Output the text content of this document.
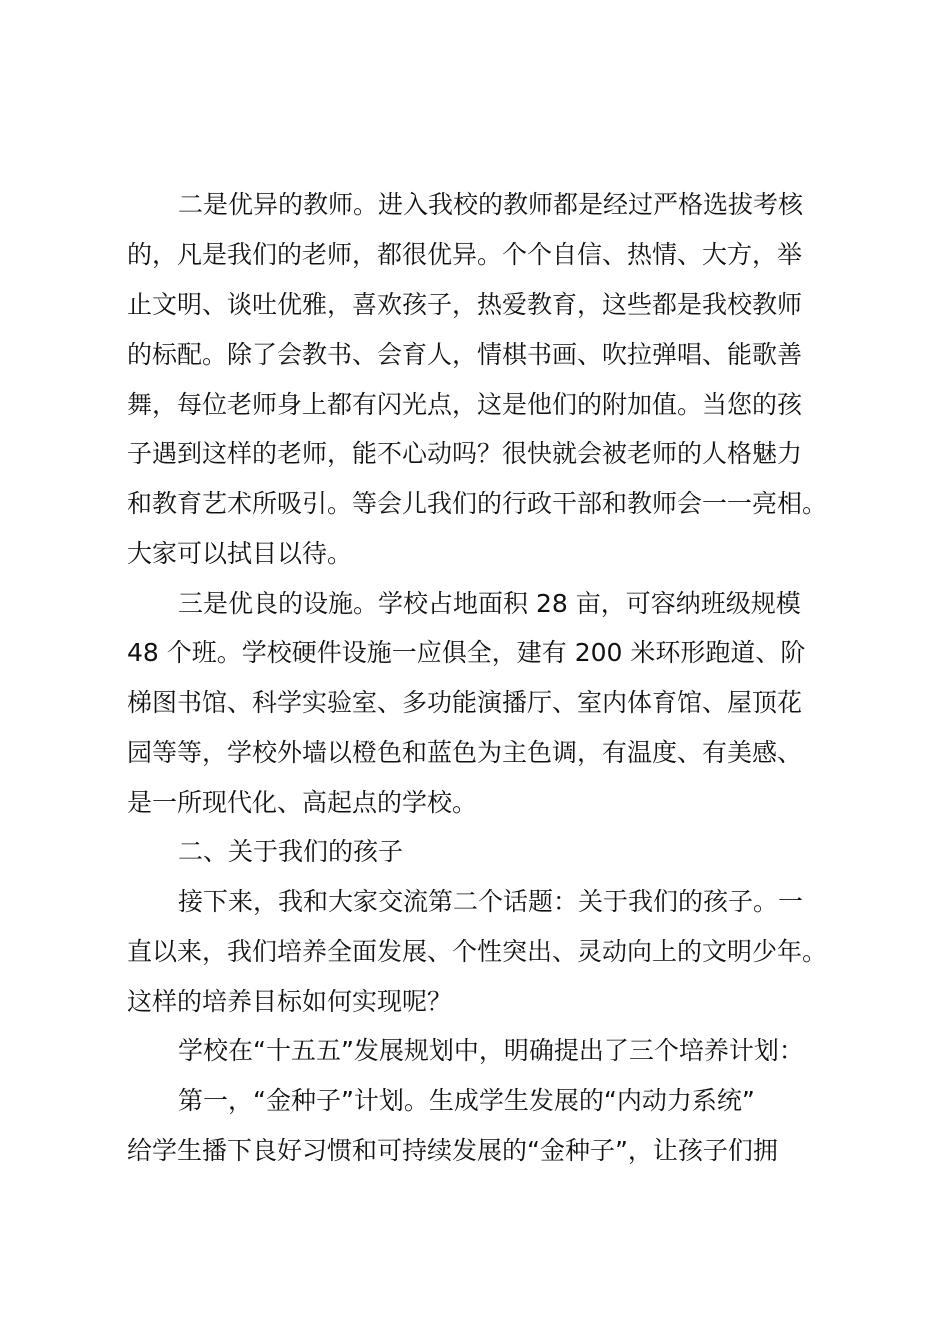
二是优异的教师。进入我校的教师都是经过严格选拔考核
的，凡是我们的老师，都很优异。个个自信、热情、大方，举
止文明、谈吐优雅，喜欢孩子，热爱教育，这些都是我校教师
的标配。除了会教书、会育人，情棋书画、吹拉弹唱、能歌善
舞，每位老师身上都有闪光点，这是他们的附加值。当您的孩
子遇到这样的老师，能不心动吗？很快就会被老师的人格魅力
和教育艺术所吸引。等会儿我们的行政干部和教师会一一亮相。
大家可以拭目以待。
三是优良的设施。学校占地面积 28 亩，可容纳班级规模
48 个班。学校硬件设施一应俱全，建有 200 米环形跑道、阶
梯图书馆、科学实验室、多功能演播厅、室内体育馆、屋顶花
园等等，学校外墙以橙色和蓝色为主色调，有温度、有美感、
是一所现代化、高起点的学校。
二、关于我们的孩子
接下来，我和大家交流第二个话题：关于我们的孩子。一
直以来，我们培养全面发展、个性突出、灵动向上的文明少年。
这样的培养目标如何实现呢？
学校在“十五五”发展规划中，明确提出了三个培养计划：
第一，“金种子”计划。生成学生发展的“内动力系统”
给学生播下良好习惯和可持续发展的“金种子”，让孩子们拥
